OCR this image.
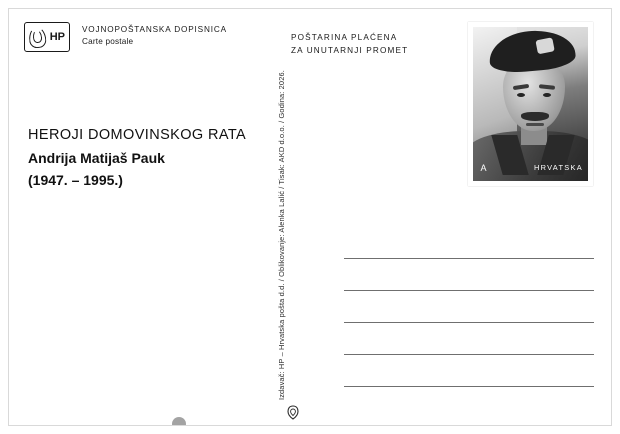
HP
VOJNOPOŠTANSKA DOPISNICA
Carte postale	POŠTARINA PLAĆENA
ZA UNUTARNJI PROMET
A	HRVATSKA
HEROJI DOMOVINSKOG RATA
Andrija Matijaš Pauk
(1947. – 1995.)	Izdavač: HP – Hrvatska pošta d.d. / Oblikovanje: Alenka Lalić / Tisak: AKD d.o.o. / Godina: 2026.
